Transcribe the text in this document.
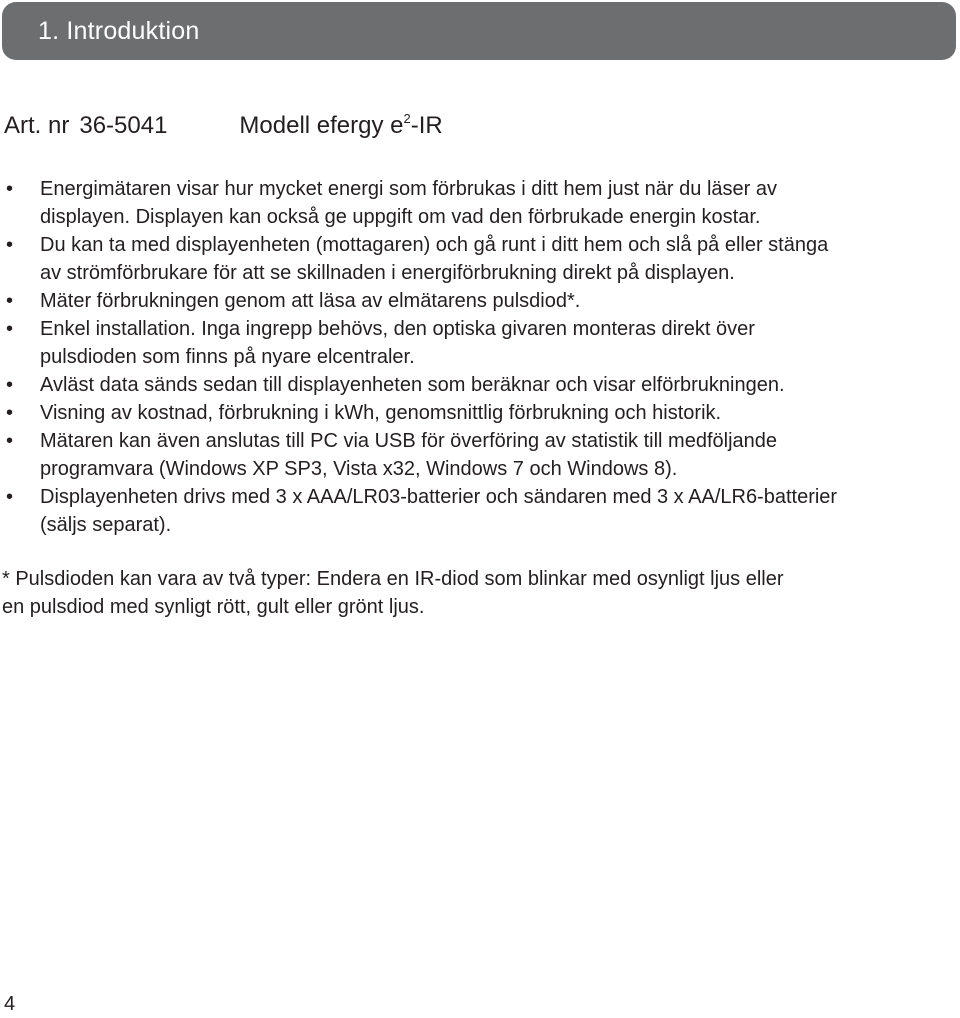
1. Introduktion
Art. nr 36-5041	Modell efergy $e^2-IR$
• Energimätaren visar hur mycket energi som förbrukas i ditt hem just när du läser av
displayen. Displayen kan också ge uppgift om vad den förbrukade energin kostar.
• Du kan ta med displayenheten (mottagaren) och gå runt i ditt hem och slå på eller stänga
av strömförbrukare för att se skillnaden i energiförbrukning direkt på displayen.
• Mäter förbrukningen genom att läsa av elmätarens pulsdiod*.
• Enkel installation. Inga ingrepp behövs, den optiska givaren monteras direkt över
pulsdioden som finns på nyare elcentraler.
• Avläst data sänds sedan till displayenheten som beräknar och visar elförbrukningen.
• Visning av kostnad, förbrukning i kWh, genomsnittlig förbrukning och historik.
• Mätaren kan även anslutas till PC via USB för överföring av statistik till medföljande
programvara (Windows XP SP3, Vista x32, Windows 7 och Windows 8).
• Displayenheten drivs med 3 x AAA/LR03-batterier och sändaren med 3 x AA/LR6-batterier
(säljs separat).
* Pulsdioden kan vara av två typer: Endera en IR-diod som blinkar med osynligt ljus eller
en pulsdiod med synligt rött, gult eller grönt ljus.
4
